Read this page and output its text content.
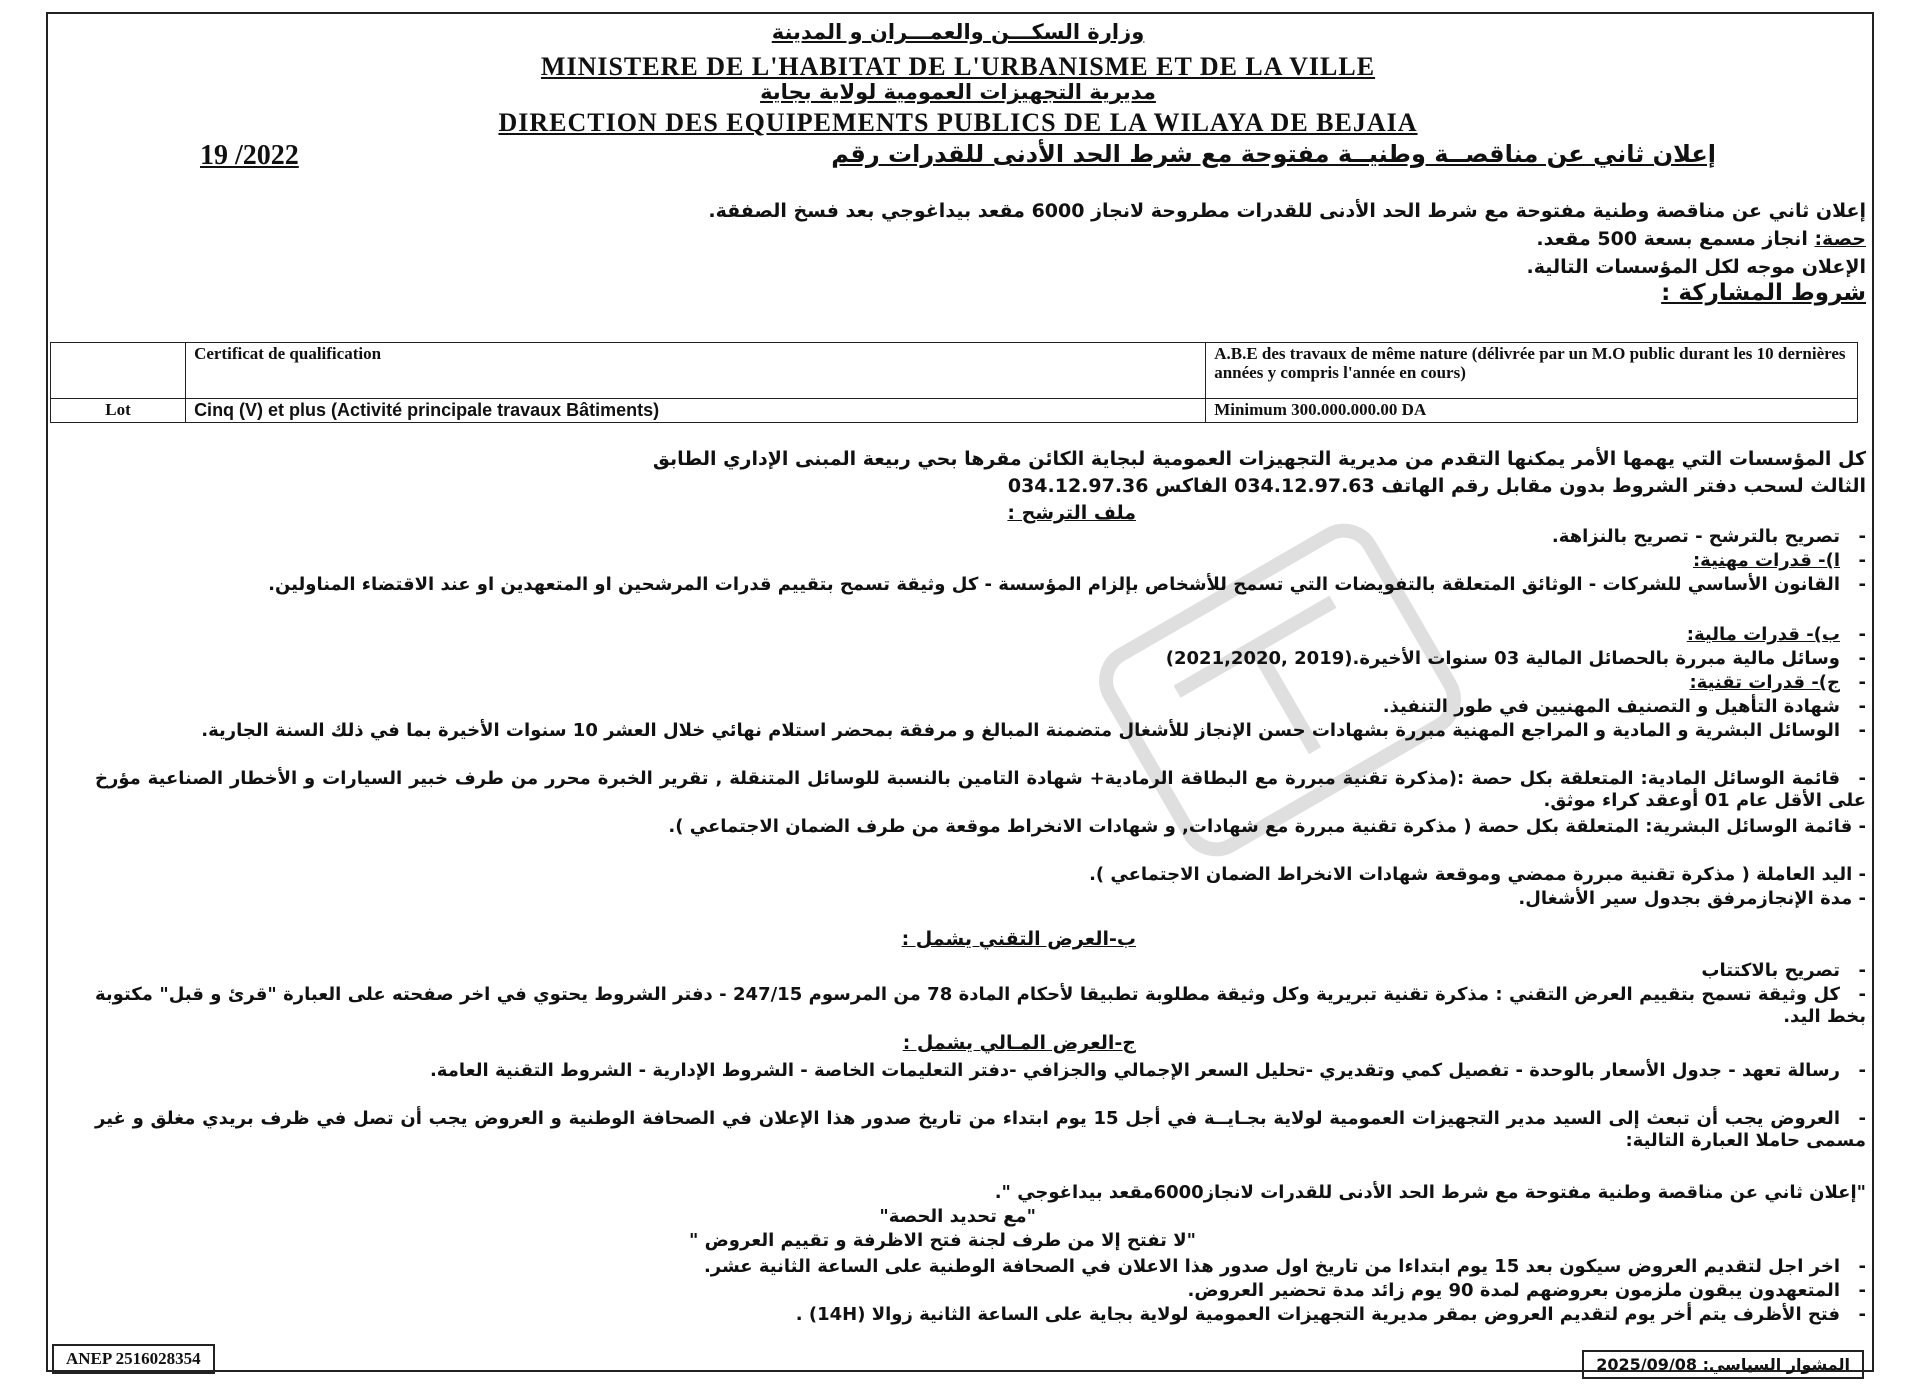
وزارة السكـــن والعمـــران و المدينة
MINISTERE DE L'HABITAT DE L'URBANISME ET DE LA VILLE
مديرية التجهيزات العمومية لولاية بجاية
DIRECTION DES EQUIPEMENTS PUBLICS DE LA WILAYA DE BEJAIA
إعلان ثاني عن مناقصــة وطنيــة مفتوحة مع شرط الحد الأدنى للقدرات رقم
19 /2022
إعلان ثاني عن مناقصة وطنية مفتوحة مع شرط الحد الأدنى للقدرات مطروحة لانجاز 6000 مقعد بيداغوجي بعد فسخ الصفقة.
حصة: انجاز مسمع بسعة 500 مقعد.
الإعلان موجه لكل المؤسسات التالية.
شروط المشاركة :
	Certificat de qualification	A.B.E des travaux de même nature (délivrée par un M.O public durant les 10 dernières années y compris l'année en cours)
Lot	Cinq (V) et plus (Activité principale travaux Bâtiments)	Minimum 300.000.000.00 DA
كل المؤسسات التي يهمها الأمر يمكنها التقدم من مديرية التجهيزات العمومية لبجاية الكائن مقرها بحي ربيعة المبنى الإداري الطابق
الثالث لسحب دفتر الشروط بدون مقابل رقم الهاتف 034.12.97.63 الفاكس 034.12.97.36
ملف الترشح :
-تصريح بالترشح - تصريح بالنزاهة.
-ا)- قدرات مهنية:
-القانون الأساسي للشركات - الوثائق المتعلقة بالتفويضات التي تسمح للأشخاص بإلزام المؤسسة - كل وثيقة تسمح بتقييم قدرات المرشحين او المتعهدين او عند الاقتضاء المناولين.
-ب)- قدرات مالية:
-وسائل مالية مبررة بالحصائل المالية 03 سنوات الأخيرة.(2019 ,2021,2020)
-ج)- قدرات تقنية:
-شهادة التأهيل و التصنيف المهنيين في طور التنفيذ.
-الوسائل البشرية و المادية و المراجع المهنية مبررة بشهادات حسن الإنجاز للأشغال متضمنة المبالغ و مرفقة بمحضر استلام نهائي خلال العشر 10 سنوات الأخيرة بما في ذلك السنة الجارية.
-قائمة الوسائل المادية: المتعلقة بكل حصة :(مذكرة تقنية مبررة مع البطاقة الرمادية+ شهادة التامين بالنسبة للوسائل المتنقلة , تقرير الخبرة محرر من طرف خبير السيارات و الأخطار الصناعية مؤرخ على الأقل عام 01 أوعقد كراء موثق.
- قائمة الوسائل البشرية: المتعلقة بكل حصة ( مذكرة تقنية مبررة مع شهادات, و شهادات الانخراط موقعة من طرف الضمان الاجتماعي ).
- اليد العاملة ( مذكرة تقنية مبررة ممضي وموقعة شهادات الانخراط الضمان الاجتماعي ).
- مدة الإنجازمرفق بجدول سير الأشغال.
ب-العرض التقني يشمل :
-تصريح بالاكتتاب
-كل وثيقة تسمح بتقييم العرض التقني : مذكرة تقنية تبريرية وكل وثيقة مطلوبة تطبيقا لأحكام المادة 78 من المرسوم 247/15 - دفتر الشروط يحتوي في اخر صفحته على العبارة "قرئ و قبل" مكتوبة بخط اليد.
ج-العرض المـالي يشمل :
-رسالة تعهد - جدول الأسعار بالوحدة - تفصيل كمي وتقديري -تحليل السعر الإجمالي والجزافي -دفتر التعليمات الخاصة - الشروط الإدارية - الشروط التقنية العامة.
-العروض يجب أن تبعث إلى السيد مدير التجهيزات العمومية لولاية بجـايــة في أجل 15 يوم ابتداء من تاريخ صدور هذا الإعلان في الصحافة الوطنية و العروض يجب أن تصل في ظرف بريدي مغلق و غير مسمى حاملا العبارة التالية:
"إعلان ثاني عن مناقصة وطنية مفتوحة مع شرط الحد الأدنى للقدرات لانجاز6000مقعد بيداغوجي ".
"مع تحديد الحصة"
"لا تفتح إلا من طرف لجنة فتح الاظرفة و تقييم العروض "
-اخر اجل لتقديم العروض سيكون بعد 15 يوم ابتداءا من تاريخ اول صدور هذا الاعلان في الصحافة الوطنية على الساعة الثانية عشر.
-المتعهدون يبقون ملزمون بعروضهم لمدة 90 يوم زائد مدة تحضير العروض.
-فتح الأظرف يتم أخر يوم لتقديم العروض بمقر مديرية التجهيزات العمومية لولاية بجاية على الساعة الثانية زوالا (14H) .
ANEP 2516028354	المشوار السياسي: 2025/09/08
